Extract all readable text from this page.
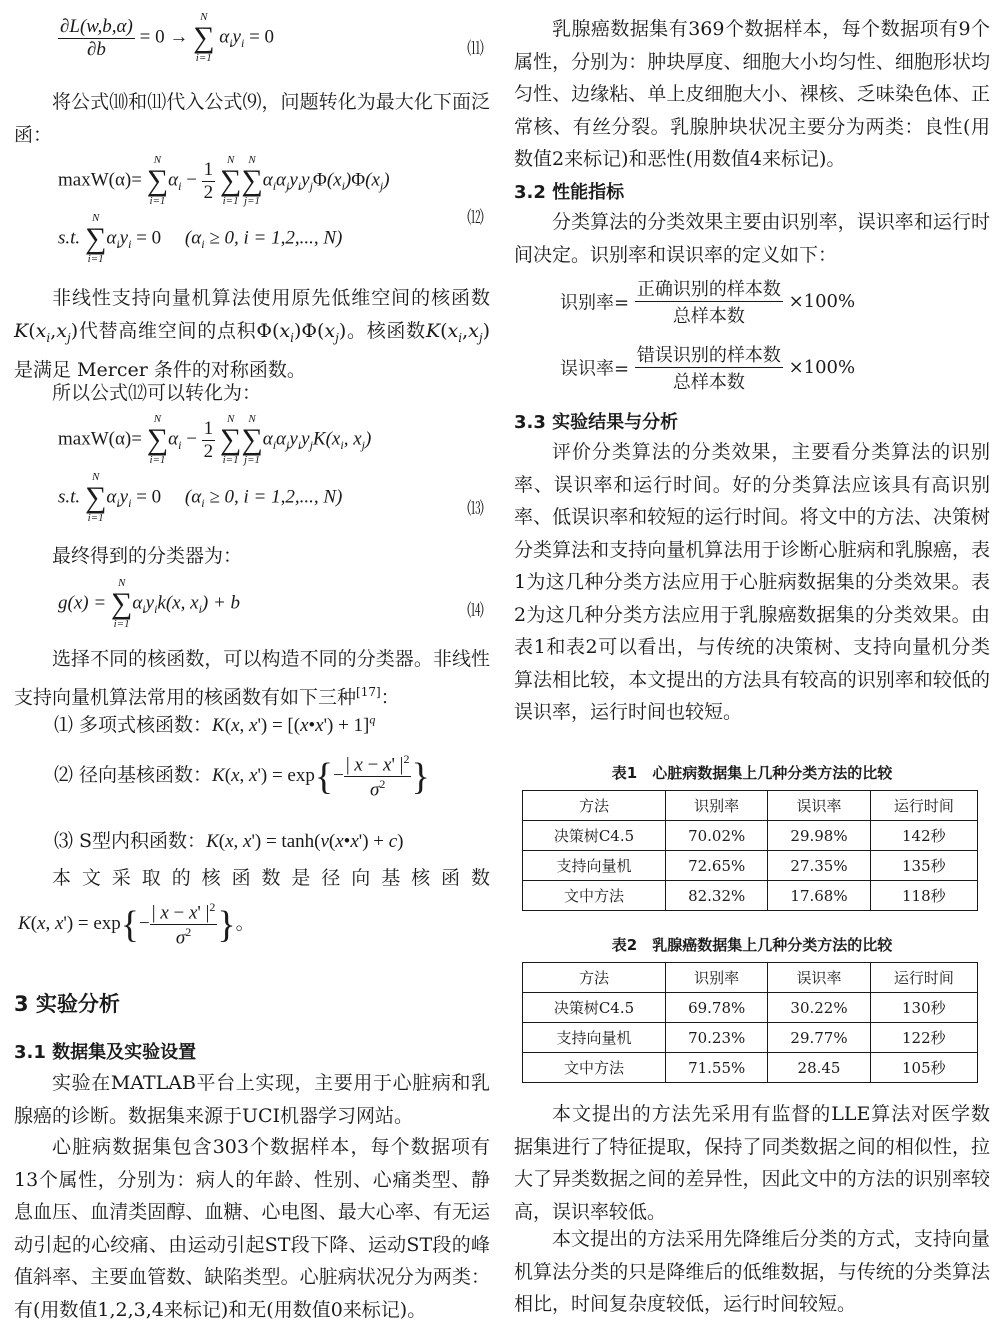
$\frac{\partial L(w,b,\alpha)}{\partial b} = 0$ →
N
∑
i=1
$\alpha_iy_i = 0$
⑾

将公式⑽和⑾代入公式⑼，问题转化为最大化下面泛函：

maxW(α)=
N
∑
i=1
$\alpha_i - \frac{1}{2}$
	N
∑
i=1
N
∑
j=1
$\alpha_i\alpha_jy_iy_j\Phi(x_i)\Phi(x_j)$
⑿
s.t.
N
∑
i=1
$\alpha_iy_i = 0$ ($\alpha_i \ge 0$, i = 1,2,..., N)

非线性支持向量机算法使用原先低维空间的核函数$K(x_i,x_j)$代替高维空间的点积$\Phi(x_i)\Phi(x_j)$。核函数$K(x_i,x_j)$是满足 Mercer 条件的对称函数。

所以公式⑿可以转化为：

maxW(α)=
N
∑
i=1
$\alpha_i - \frac{1}{2}$
	N
∑
i=1
N
∑
j=1
$\alpha_i\alpha_jy_iy_jK(x_i$, $x_j$)
s.t.
N
∑
i=1
$\alpha_iy_i = 0$     ($\alpha_i \ge 0$, i = 1,2,..., N)
⒀

最终得到的分类器为：

g(x) =
N
∑
i=1
$\alpha_iy_ik(x$, $x_i) + b$	⒁

选择不同的核函数，可以构造不同的分类器。非线性支持向量机算法常用的核函数有如下三种[17]：

⑴ 多项式核函数：K(x, x') = [(x•x') + 1]$^q$
⑵ 径向基核函数：K(x, $x') = \exp\{- \frac{| x - x' |^2}{\sigma^2}$ }
⑶ S型内积函数：K(x, x') = tanh(v(x•x') + c)

本文采取的核函数是径向基核函数

K(x, $x') = \exp\{- \frac{| x - x' |^2}{\sigma^2}$ }。
3 实验分析
3.1 数据集及实验设置

实验在MATLAB平台上实现，主要用于心脏病和乳腺癌的诊断。数据集来源于UCI机器学习网站。

心脏病数据集包含303个数据样本，每个数据项有13个属性，分别为：病人的年龄、性别、心痛类型、静息血压、血清类固醇、血糖、心电图、最大心率、有无运动引起的心绞痛、由运动引起ST段下降、运动ST段的峰值斜率、主要血管数、缺陷类型。心脏病状况分为两类：有(用数值1,2,3,4来标记)和无(用数值0来标记)。

乳腺癌数据集有369个数据样本，每个数据项有9个属性，分别为：肿块厚度、细胞大小均匀性、细胞形状均匀性、边缘粘、单上皮细胞大小、裸核、乏味染色体、正常核、有丝分裂。乳腺肿块状况主要分为两类：良性(用数值2来标记)和恶性(用数值4来标记)。

3.2 性能指标

分类算法的分类效果主要由识别率，误识率和运行时间决定。识别率和误识率的定义如下：

识别率= $\frac{\text{正确识别的样本数}}{\text{总样本数}} \times 100\%$
误识率= $\frac{\text{错误识别的样本数}}{\text{总样本数}} \times 100\%$
3.3 实验结果与分析

评价分类算法的分类效果，主要看分类算法的识别率、误识率和运行时间。好的分类算法应该具有高识别率、低误识率和较短的运行时间。将文中的方法、决策树分类算法和支持向量机算法用于诊断心脏病和乳腺癌，表1为这几种分类方法应用于心脏病数据集的分类效果。表2为这几种分类方法应用于乳腺癌数据集的分类效果。由表1和表2可以看出，与传统的决策树、支持向量机分类算法相比较，本文提出的方法具有较高的识别率和较低的误识率，运行时间也较短。

表1　心脏病数据集上几种分类方法的比较

方法	识别率	误识率	运行时间
决策树C4.5	70.02%	29.98%	142秒
支持向量机	72.65%	27.35%	135秒
文中方法	82.32%	17.68%	118秒

表2　乳腺癌数据集上几种分类方法的比较

方法	识别率	误识率	运行时间
决策树C4.5	69.78%	30.22%	130秒
支持向量机	70.23%	29.77%	122秒
文中方法	71.55%	28.45	105秒

本文提出的方法先采用有监督的LLE算法对医学数据集进行了特征提取，保持了同类数据之间的相似性，拉大了异类数据之间的差异性，因此文中的方法的识别率较高，误识率较低。

本文提出的方法采用先降维后分类的方式，支持向量机算法分类的只是降维后的低维数据，与传统的分类算法相比，时间复杂度较低，运行时间较短。
